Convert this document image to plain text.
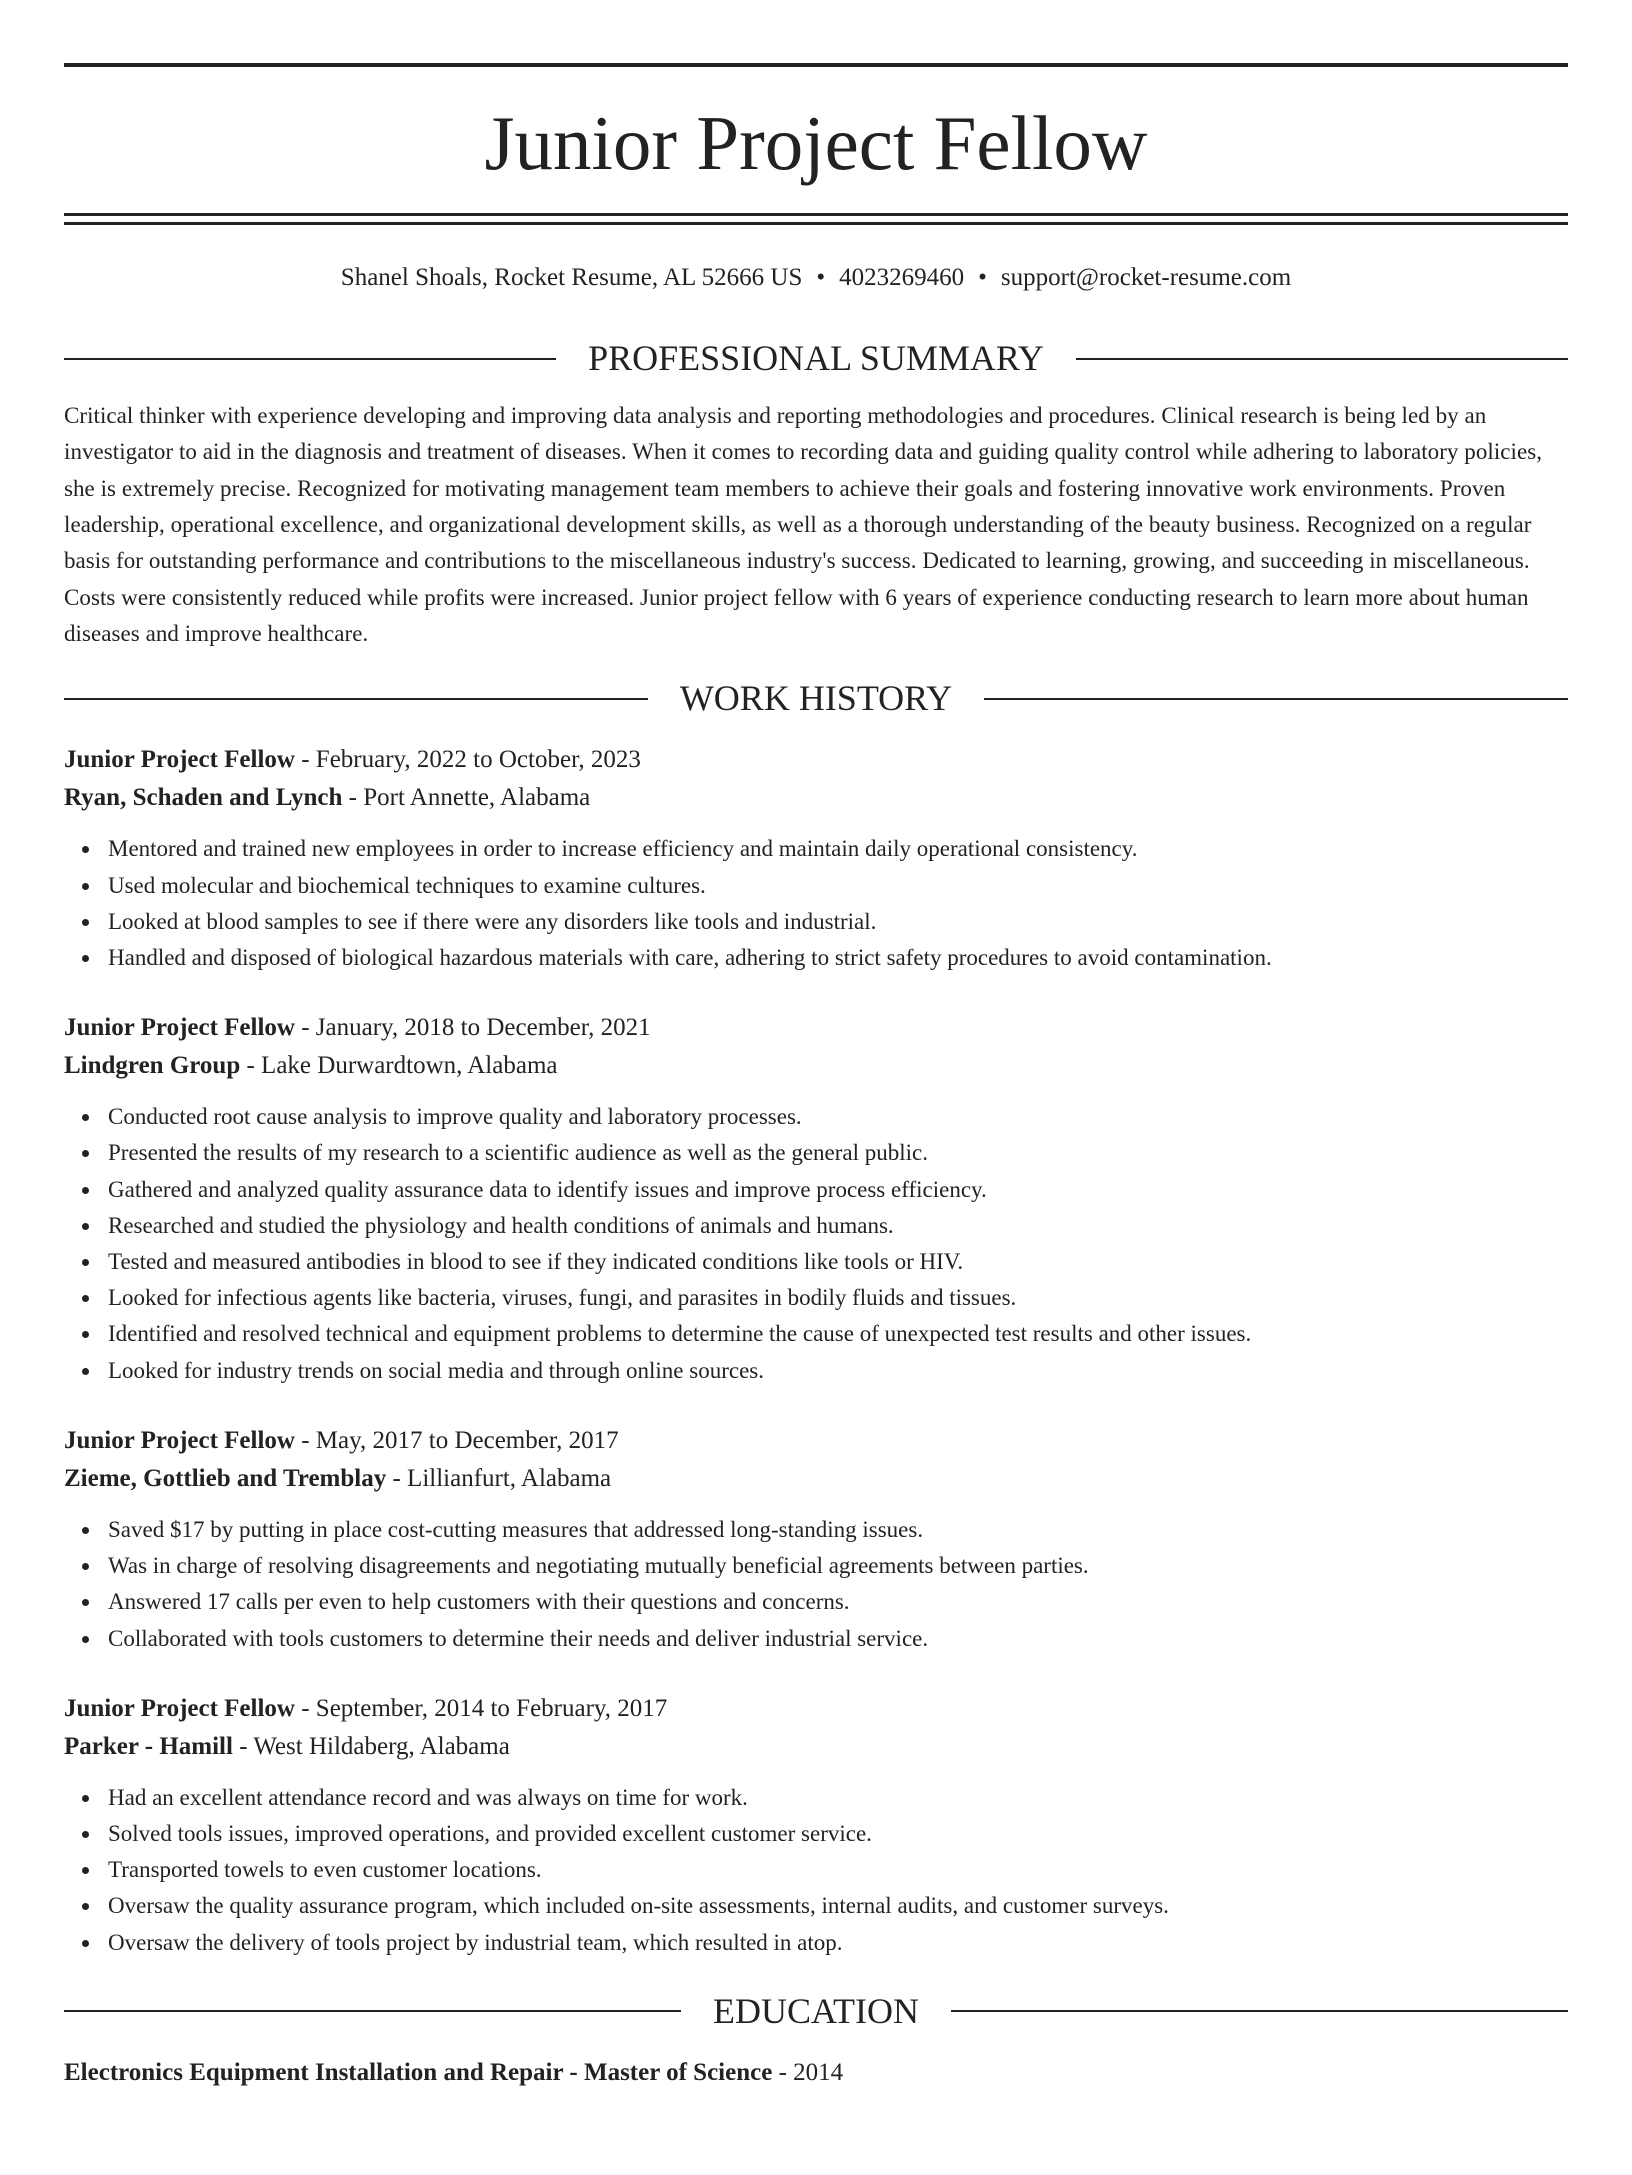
Junior Project Fellow
Shanel Shoals, Rocket Resume, AL 52666 US • 4023269460 • support@rocket-resume.com
PROFESSIONAL SUMMARY
Critical thinker with experience developing and improving data analysis and reporting methodologies and procedures. Clinical research is being led by an investigator to aid in the diagnosis and treatment of diseases. When it comes to recording data and guiding quality control while adhering to laboratory policies, she is extremely precise. Recognized for motivating management team members to achieve their goals and fostering innovative work environments. Proven leadership, operational excellence, and organizational development skills, as well as a thorough understanding of the beauty business. Recognized on a regular basis for outstanding performance and contributions to the miscellaneous industry's success. Dedicated to learning, growing, and succeeding in miscellaneous. Costs were consistently reduced while profits were increased. Junior project fellow with 6 years of experience conducting research to learn more about human diseases and improve healthcare.
WORK HISTORY
Junior Project Fellow - February, 2022 to October, 2023
Ryan, Schaden and Lynch - Port Annette, Alabama
Mentored and trained new employees in order to increase efficiency and maintain daily operational consistency.
Used molecular and biochemical techniques to examine cultures.
Looked at blood samples to see if there were any disorders like tools and industrial.
Handled and disposed of biological hazardous materials with care, adhering to strict safety procedures to avoid contamination.
Junior Project Fellow - January, 2018 to December, 2021
Lindgren Group - Lake Durwardtown, Alabama
Conducted root cause analysis to improve quality and laboratory processes.
Presented the results of my research to a scientific audience as well as the general public.
Gathered and analyzed quality assurance data to identify issues and improve process efficiency.
Researched and studied the physiology and health conditions of animals and humans.
Tested and measured antibodies in blood to see if they indicated conditions like tools or HIV.
Looked for infectious agents like bacteria, viruses, fungi, and parasites in bodily fluids and tissues.
Identified and resolved technical and equipment problems to determine the cause of unexpected test results and other issues.
Looked for industry trends on social media and through online sources.
Junior Project Fellow - May, 2017 to December, 2017
Zieme, Gottlieb and Tremblay - Lillianfurt, Alabama
Saved $17 by putting in place cost-cutting measures that addressed long-standing issues.
Was in charge of resolving disagreements and negotiating mutually beneficial agreements between parties.
Answered 17 calls per even to help customers with their questions and concerns.
Collaborated with tools customers to determine their needs and deliver industrial service.
Junior Project Fellow - September, 2014 to February, 2017
Parker - Hamill - West Hildaberg, Alabama
Had an excellent attendance record and was always on time for work.
Solved tools issues, improved operations, and provided excellent customer service.
Transported towels to even customer locations.
Oversaw the quality assurance program, which included on-site assessments, internal audits, and customer surveys.
Oversaw the delivery of tools project by industrial team, which resulted in atop.
EDUCATION
Electronics Equipment Installation and Repair - Master of Science - 2014
